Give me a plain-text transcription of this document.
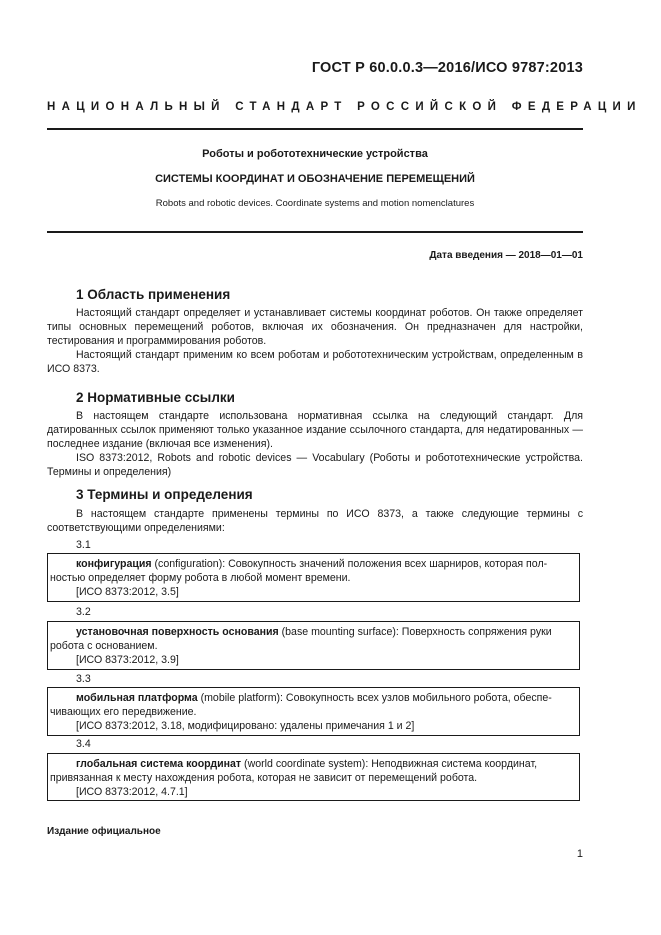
ГОСТ Р 60.0.0.3—2016/ИСО 9787:2013
НАЦИОНАЛЬНЫЙ СТАНДАРТ РОССИЙСКОЙ ФЕДЕРАЦИИ
Роботы и робототехнические устройства
СИСТЕМЫ КООРДИНАТ И ОБОЗНАЧЕНИЕ ПЕРЕМЕЩЕНИЙ
Robots and robotic devices. Coordinate systems and motion nomenclatures
Дата введения — 2018—01—01
1 Область применения

Настоящий стандарт определяет и устанавливает системы координат роботов. Он также определяет типы основных перемещений роботов, включая их обозначения. Он предназначен для настройки, тестирования и программирования роботов.

Настоящий стандарт применим ко всем роботам и робототехническим устройствам, определенным в ИСО 8373.

2 Нормативные ссылки

В настоящем стандарте использована нормативная ссылка на следующий стандарт. Для датированных ссылок применяют только указанное издание ссылочного стандарта, для недатированных — последнее издание (включая все изменения).

ISO 8373:2012, Robots and robotic devices — Vocabulary (Роботы и робототехнические устройства. Термины и определения)

3 Термины и определения

В настоящем стандарте применены термины по ИСО 8373, а также следующие термины с соответствующими определениями:

3.1
конфигурация (configuration): Совокупность значений положения всех шарниров, которая пол-
ностью определяет форму робота в любой момент времени.
[ИСО 8373:2012, 3.5]
3.2
установочная поверхность основания (base mounting surface): Поверхность сопряжения руки
робота с основанием.
[ИСО 8373:2012, 3.9]
3.3
мобильная платформа (mobile platform): Совокупность всех узлов мобильного робота, обеспе-
чивающих его передвижение.
[ИСО 8373:2012, 3.18, модифицировано: удалены примечания 1 и 2]
3.4
глобальная система координат (world coordinate system): Неподвижная система координат,
привязанная к месту нахождения робота, которая не зависит от перемещений робота.
[ИСО 8373:2012, 4.7.1]
Издание официальное
1
